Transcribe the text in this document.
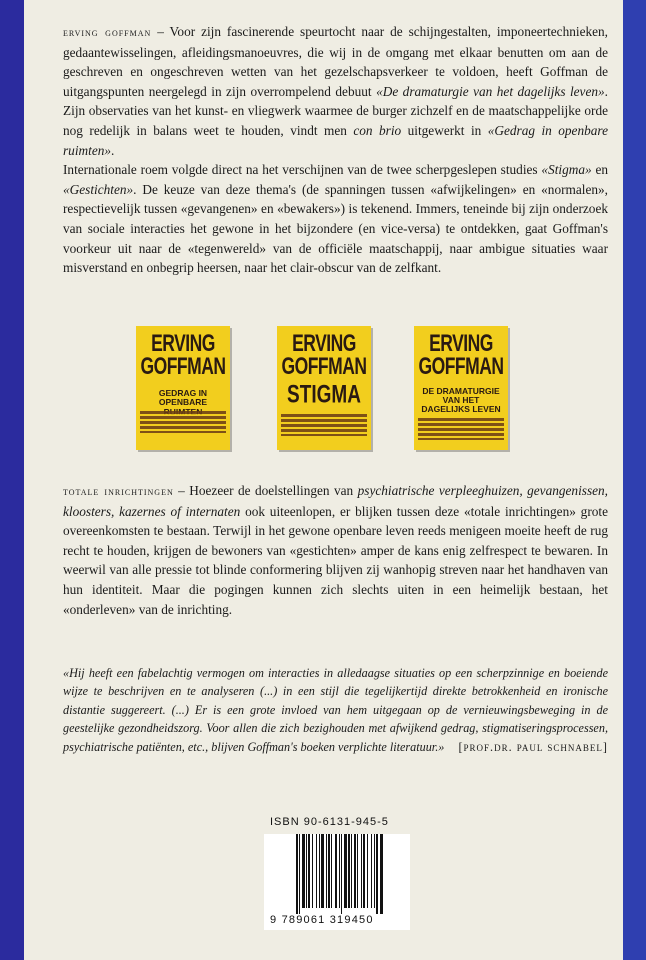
erving goffman – Voor zijn fascinerende speurtocht naar de schijngestalten, imponeertechnieken, gedaantewisselingen, afleidingsmanoeuvres, die wij in de omgang met elkaar benutten om aan de geschreven en ongeschreven wetten van het gezelschapsverkeer te voldoen, heeft Goffman de uitgangspunten neergelegd in zijn overrompelend debuut «De dramaturgie van het dagelijks leven». Zijn observaties van het kunst- en vliegwerk waarmee de burger zichzelf en de maatschappelijke orde nog redelijk in balans weet te houden, vindt men con brio uitgewerkt in «Gedrag in openbare ruimten».
Internationale roem volgde direct na het verschijnen van de twee scherpgeslepen studies «Stigma» en «Gestichten». De keuze van deze thema's (de spanningen tussen «afwijkelingen» en «normalen», respectievelijk tussen «gevangenen» en «bewakers») is tekenend. Immers, teneinde bij zijn onderzoek van sociale interacties het gewone in het bijzondere (en vice-versa) te ontdekken, gaat Goffman's voorkeur uit naar de «tegenwereld» van de officiële maatschappij, naar ambigue situaties waar misverstand en onbegrip heersen, naar het clair-obscur van de zelfkant.
ERVING GOFFMAN
GEDRAG IN
OPENBARE
ERVING GOFFMAN
STIGMA
ERVING GOFFMAN
DE DRAMATURGIE
VAN HET
DAGELIJKS LEVEN
totale inrichtingen – Hoezeer de doelstellingen van psychiatrische verpleeghuizen, gevangenissen, kloosters, kazernes of internaten ook uiteenlopen, er blijken tussen deze «totale inrichtingen» grote overeenkomsten te bestaan. Terwijl in het gewone openbare leven reeds menigeen moeite heeft de rug recht te houden, krijgen de bewoners van «gestichten» amper de kans enig zelfrespect te bewaren. In weerwil van alle pressie tot blinde conformering blijven zij wanhopig streven naar het handhaven van hun identiteit. Maar die pogingen kunnen zich slechts uiten in een heimelijk bestaan, het «onderleven» van de inrichting.
«Hij heeft een fabelachtig vermogen om interacties in alledaagse situaties op een scherpzinnige en boeiende wijze te beschrijven en te analyseren (...) in een stijl die tegelijkertijd direkte betrokkenheid en ironische distantie suggereert. (...) Er is een grote invloed van hem uitgegaan op de vernieuwingsbeweging in de geestelijke gezondheidszorg. Voor allen die zich bezighouden met afwijkend gedrag, stigmatiseringsprocessen, psychiatrische patiënten, etc., blijven Goffman's boeken verplichte literatuur.» [prof.dr. paul schnabel]
ISBN 90-6131-945-5
9 789061 319450
